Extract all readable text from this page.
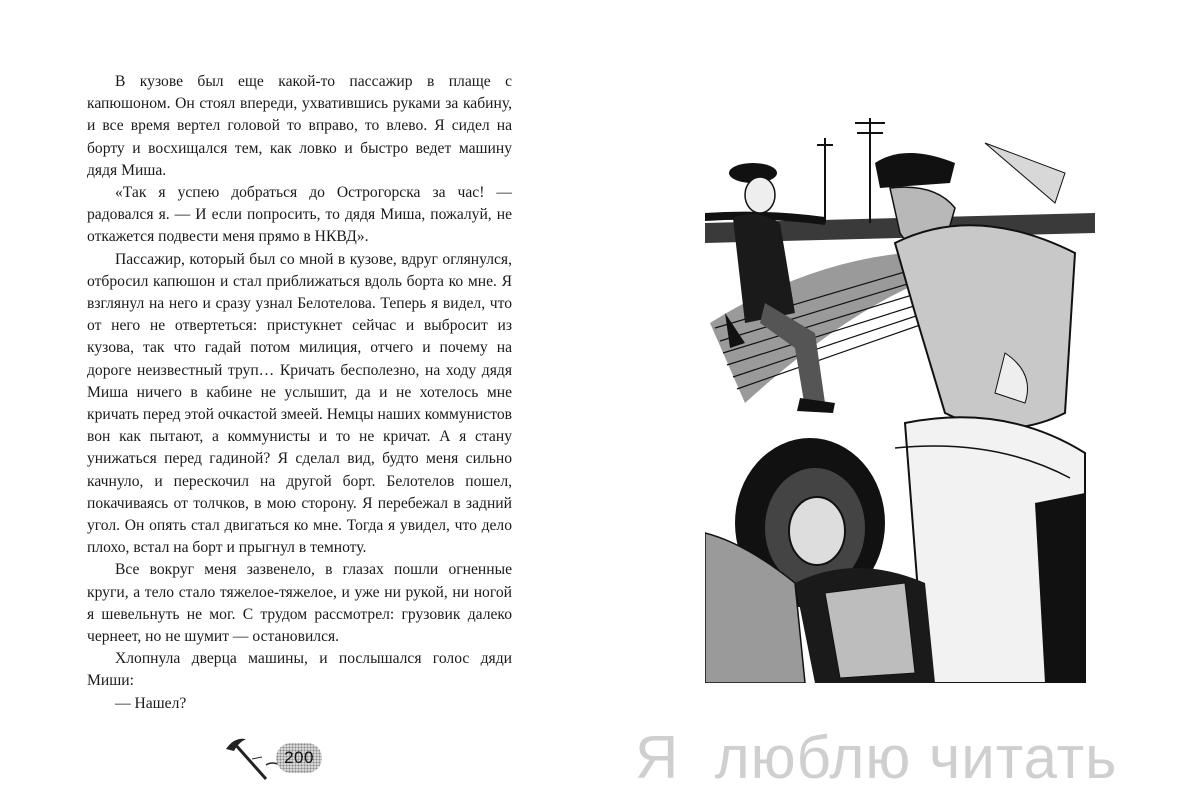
В кузове был еще какой-то пассажир в плаще с капюшоном. Он стоял впереди, ухватившись руками за кабину, и все время вертел головой то вправо, то влево. Я сидел на борту и восхищался тем, как ловко и быстро ведет машину дядя Миша.

«Так я успею добраться до Острогорска за час! — радовался я. — И если попросить, то дядя Миша, пожалуй, не откажется подвести меня прямо в НКВД».

Пассажир, который был со мной в кузове, вдруг оглянулся, отбросил капюшон и стал приближаться вдоль борта ко мне. Я взглянул на него и сразу узнал Белотелова. Теперь я видел, что от него не отвертеться: пристукнет сейчас и выбросит из кузова, так что гадай потом милиция, отчего и почему на дороге неизвестный труп… Кричать бесполезно, на ходу дядя Миша ничего в кабине не услышит, да и не хотелось мне кричать перед этой очкастой змеей. Немцы наших коммунистов вон как пытают, а коммунисты и то не кричат. А я стану унижаться перед гадиной? Я сделал вид, будто меня сильно качнуло, и перескочил на другой борт. Белотелов пошел, покачиваясь от толчков, в мою сторону. Я перебежал в задний угол. Он опять стал двигаться ко мне. Тогда я увидел, что дело плохо, встал на борт и прыгнул в темноту.

Все вокруг меня зазвенело, в глазах пошли огненные круги, а тело стало тяжелое-тяжелое, и уже ни рукой, ни ногой я шевельнуть не мог. С трудом рассмотрел: грузовик далеко чернеет, но не шумит — остановился.

Хлопнула дверца машины, и послышался голос дяди Миши:

— Нашел?

200	Я  люблю читать
